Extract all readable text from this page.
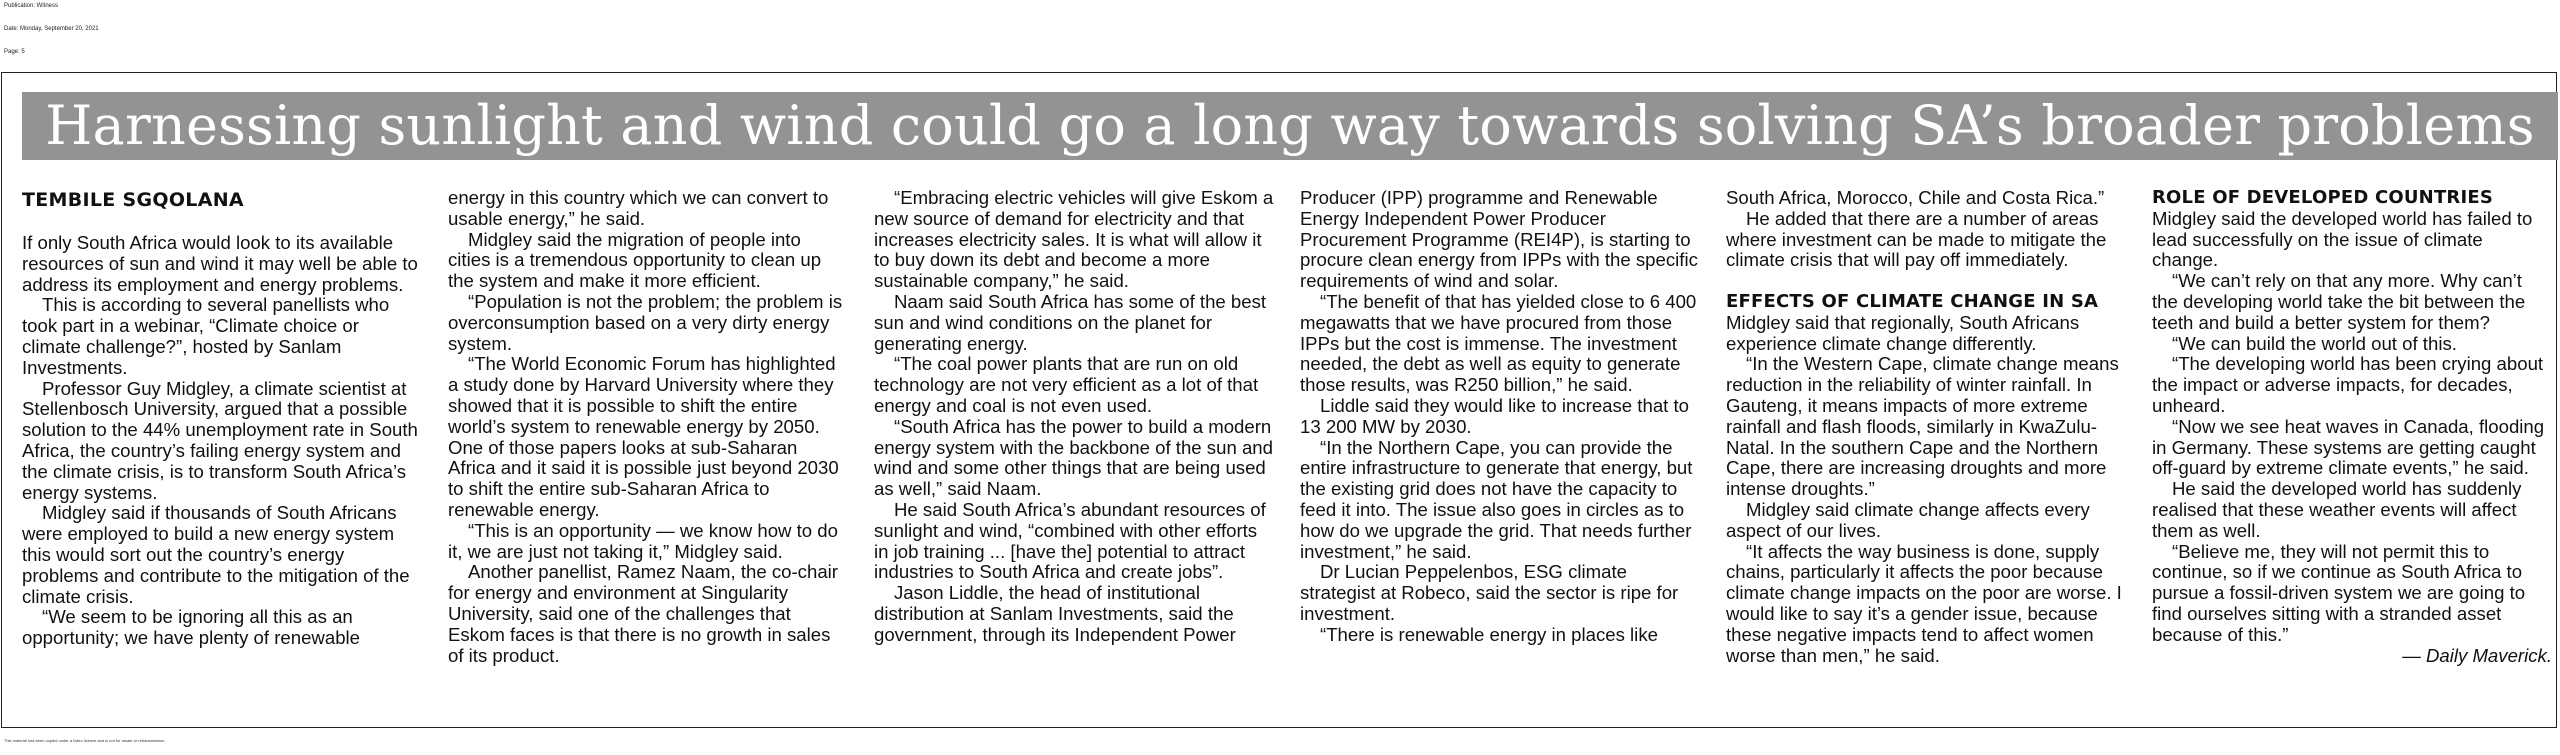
Publication: Witness
Date: Monday, September 20, 2021
Page: 5
Harnessing sunlight and wind could go a long way towards solving SA’s broader problems
TEMBILE SGQOLANA

If only South Africa would look to its available resources of sun and wind it may well be able to address its employment and energy problems.

This is according to several panellists who took part in a webinar, “Climate choice or climate challenge?”, hosted by Sanlam Investments.

Professor Guy Midgley, a climate scientist at Stellenbosch University, argued that a possible solution to the 44% unemployment rate in South Africa, the country’s failing energy system and the climate crisis, is to transform South Africa’s energy systems.

Midgley said if thousands of South Africans were employed to build a new energy system this would sort out the country’s energy problems and contribute to the mitigation of the climate crisis.

“We seem to be ignoring all this as an opportunity; we have plenty of renewable

energy in this country which we can convert to usable energy,” he said.

Midgley said the migration of people into cities is a tremendous opportunity to clean up the system and make it more efficient.

“Population is not the problem; the problem is overconsumption based on a very dirty energy system.

“The World Economic Forum has highlighted a study done by Harvard University where they showed that it is possible to shift the entire world’s system to renewable energy by 2050. One of those papers looks at sub-Saharan Africa and it said it is possible just beyond 2030 to shift the entire sub-Saharan Africa to renewable energy.

“This is an opportunity — we know how to do it, we are just not taking it,” Midgley said.

Another panellist, Ramez Naam, the co-chair for energy and environment at Singularity University, said one of the challenges that Eskom faces is that there is no growth in sales of its product.

“Embracing electric vehicles will give Eskom a new source of demand for electricity and that increases electricity sales. It is what will allow it to buy down its debt and become a more sustainable company,” he said.

Naam said South Africa has some of the best sun and wind conditions on the planet for generating energy.

“The coal power plants that are run on old technology are not very efficient as a lot of that energy and coal is not even used.

“South Africa has the power to build a modern energy system with the backbone of the sun and wind and some other things that are being used as well,” said Naam.

He said South Africa’s abundant resources of sunlight and wind, “combined with other efforts in job training ... [have the] potential to attract industries to South Africa and create jobs”.

Jason Liddle, the head of institutional distribution at Sanlam Investments, said the government, through its Independent Power

Producer (IPP) programme and Renewable Energy Independent Power Producer Procurement Programme (REI4P), is starting to procure clean energy from IPPs with the specific requirements of wind and solar.

“The benefit of that has yielded close to 6 400 megawatts that we have procured from those IPPs but the cost is immense. The investment needed, the debt as well as equity to generate those results, was R250 billion,” he said.

Liddle said they would like to increase that to 13 200 MW by 2030.

“In the Northern Cape, you can provide the entire infrastructure to generate that energy, but the existing grid does not have the capacity to feed it into. The issue also goes in circles as to how do we upgrade the grid. That needs further investment,” he said.

Dr Lucian Peppelenbos, ESG climate strategist at Robeco, said the sector is ripe for investment.

“There is renewable energy in places like

South Africa, Morocco, Chile and Costa Rica.”

He added that there are a number of areas where investment can be made to mitigate the climate crisis that will pay off immediately.

EFFECTS OF CLIMATE CHANGE IN SA

Midgley said that regionally, South Africans experience climate change differently.

“In the Western Cape, climate change means reduction in the reliability of winter rainfall. In Gauteng, it means impacts of more extreme rainfall and flash floods, similarly in KwaZulu-Natal. In the southern Cape and the Northern Cape, there are increasing droughts and more intense droughts.”

Midgley said climate change affects every aspect of our lives.

“It affects the way business is done, supply chains, particularly it affects the poor because climate change impacts on the poor are worse. I would like to say it’s a gender issue, because these negative impacts tend to affect women worse than men,” he said.

ROLE OF DEVELOPED COUNTRIES

Midgley said the developed world has failed to lead successfully on the issue of climate change.

“We can’t rely on that any more. Why can’t the developing world take the bit between the teeth and build a better system for them?

“We can build the world out of this.

“The developing world has been crying about the impact or adverse impacts, for decades, unheard.

“Now we see heat waves in Canada, flooding in Germany. These systems are getting caught off-guard by extreme climate events,” he said.

He said the developed world has suddenly realised that these weather events will affect them as well.

“Believe me, they will not permit this to continue, so if we continue as South Africa to pursue a fossil-driven system we are going to find ourselves sitting with a stranded asset because of this.”

— Daily Maverick.

This material has been copied under a Dalro licence and is not for resale or retransmission.
